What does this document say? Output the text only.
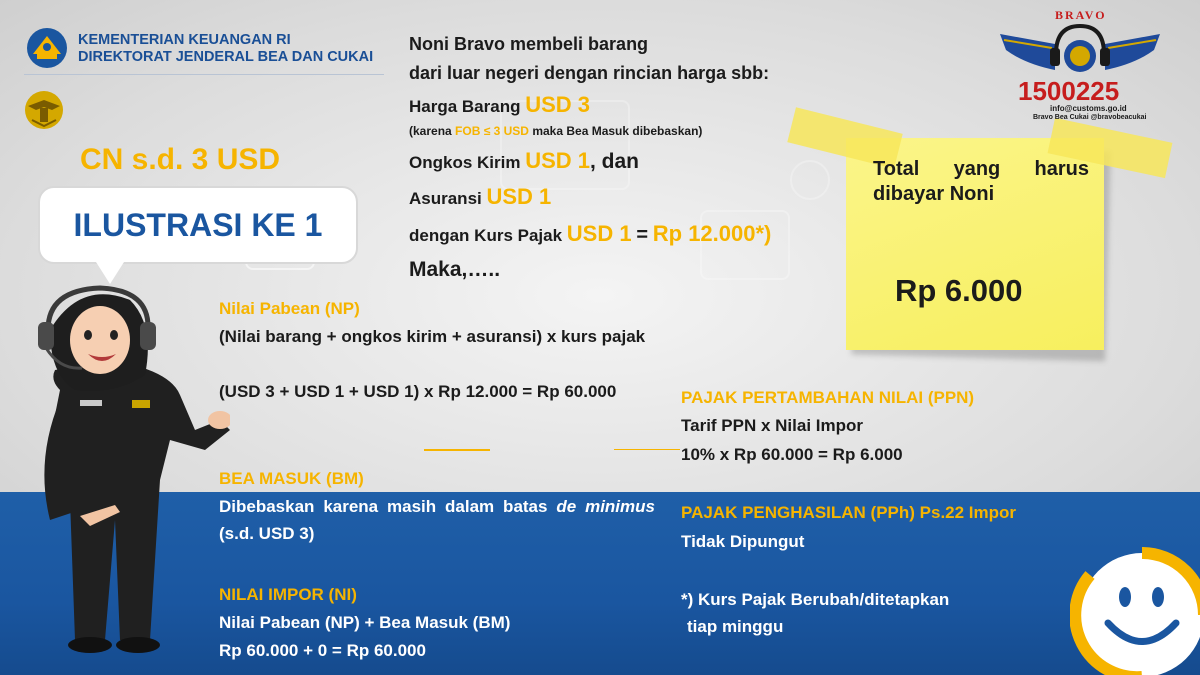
KEMENTERIAN KEUANGAN RI
DIREKTORAT JENDERAL BEA DAN CUKAI
CN s.d. 3 USD
ILUSTRASI KE 1
Noni Bravo membeli barang
dari luar negeri dengan rincian harga sbb:
Harga Barang USD 3
(karena FOB ≤ 3 USD maka Bea Masuk dibebaskan)
Ongkos Kirim USD 1, dan
Asuransi USD 1
dengan Kurs Pajak USD 1 = Rp 12.000*)
Maka,…..
Nilai Pabean (NP)
(Nilai barang + ongkos kirim + asuransi) x kurs pajak
(USD 3 + USD 1 + USD 1) x Rp 12.000 = Rp 60.000
BEA MASUK (BM)
Dibebaskan karena masih dalam batas de minimus (s.d. USD 3)
NILAI IMPOR (NI)
Nilai Pabean (NP) + Bea Masuk (BM)
Rp 60.000 + 0 = Rp 60.000
PAJAK PERTAMBAHAN NILAI (PPN)
Tarif PPN x Nilai Impor
10% x Rp 60.000 = Rp 6.000
PAJAK PENGHASILAN (PPh) Ps.22 Impor
Tidak Dipungut
*) Kurs Pajak Berubah/ditetapkan
tiap minggu
Total yang harus
dibayar Noni
Rp 6.000
BRAVO
1500225
info@customs.go.id
Bravo Bea Cukai @bravobeacukai
